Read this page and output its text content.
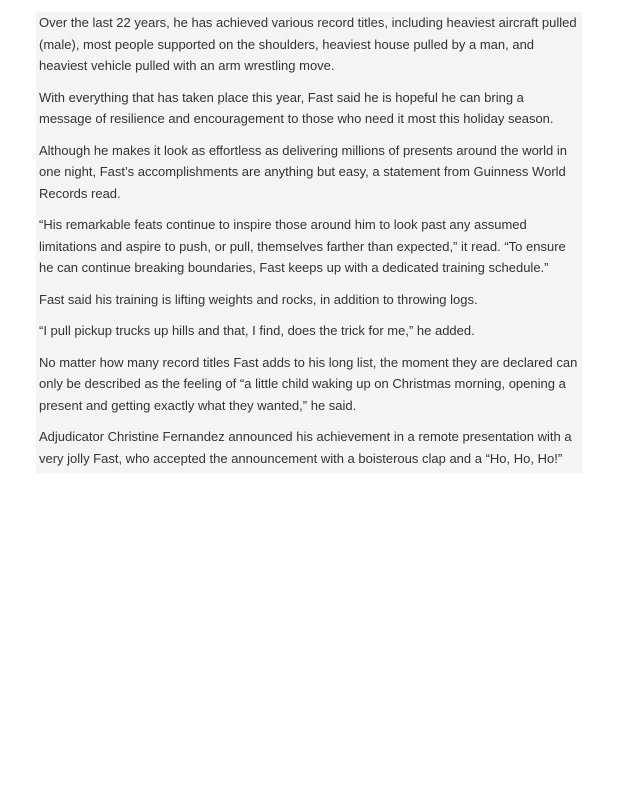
Over the last 22 years, he has achieved various record titles, including heaviest aircraft pulled (male), most people supported on the shoulders, heaviest house pulled by a man, and heaviest vehicle pulled with an arm wrestling move.

With everything that has taken place this year, Fast said he is hopeful he can bring a message of resilience and encouragement to those who need it most this holiday season.

Although he makes it look as effortless as delivering millions of presents around the world in one night, Fast’s accomplishments are anything but easy, a statement from Guinness World Records read.

“His remarkable feats continue to inspire those around him to look past any assumed limitations and aspire to push, or pull, themselves farther than expected,” it read. “To ensure he can continue breaking boundaries, Fast keeps up with a dedicated training schedule.”

Fast said his training is lifting weights and rocks, in addition to throwing logs.

“I pull pickup trucks up hills and that, I find, does the trick for me,” he added.

No matter how many record titles Fast adds to his long list, the moment they are declared can only be described as the feeling of “a little child waking up on Christmas morning, opening a present and getting exactly what they wanted,” he said.

Adjudicator Christine Fernandez announced his achievement in a remote presentation with a very jolly Fast, who accepted the announcement with a boisterous clap and a “Ho, Ho, Ho!”
